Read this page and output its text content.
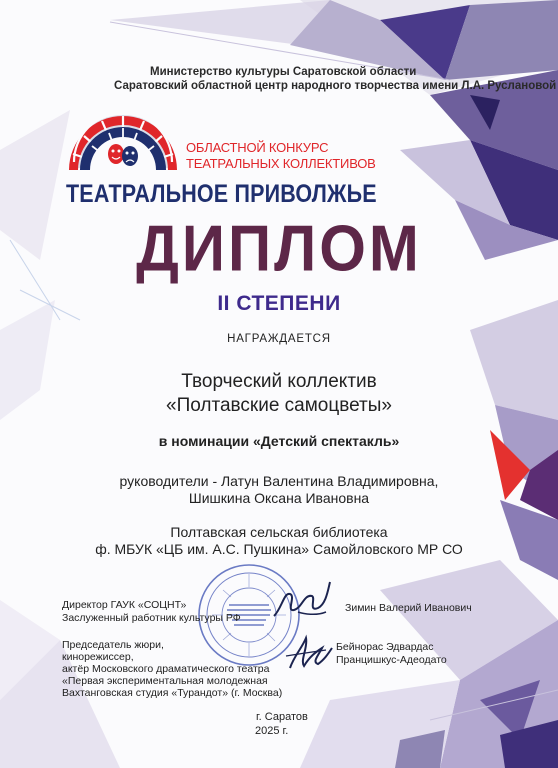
Министерство культуры Саратовской области
Саратовский областной центр народного творчества имени Л.А. Руслановой
ОБЛАСТНОЙ КОНКУРС
ТЕАТРАЛЬНЫХ КОЛЛЕКТИВОВ
ТЕАТРАЛЬНОЕ ПРИВОЛЖЬЕ
ДИПЛОМ
II СТЕПЕНИ
НАГРАЖДАЕТСЯ
Творческий коллектив
«Полтавские самоцветы»
в номинации «Детский спектакль»
руководители - Латун Валентина Владимировна,
Шишкина Оксана Ивановна
Полтавская сельская библиотека
ф. МБУК «ЦБ им. А.С. Пушкина» Самойловского МР СО
Директор ГАУК «СОЦНТ»
Заслуженный работник культуры РФ
Зимин Валерий Иванович
Председатель жюри,
кинорежиссер,
актёр Московского драматического театра
«Первая экспериментальная молодежная
Вахтанговская студия «Турандот» (г. Москва)
Бейнорас Эдвардас
Пранцишкус-Адеодато
г. Саратов
2025 г.
